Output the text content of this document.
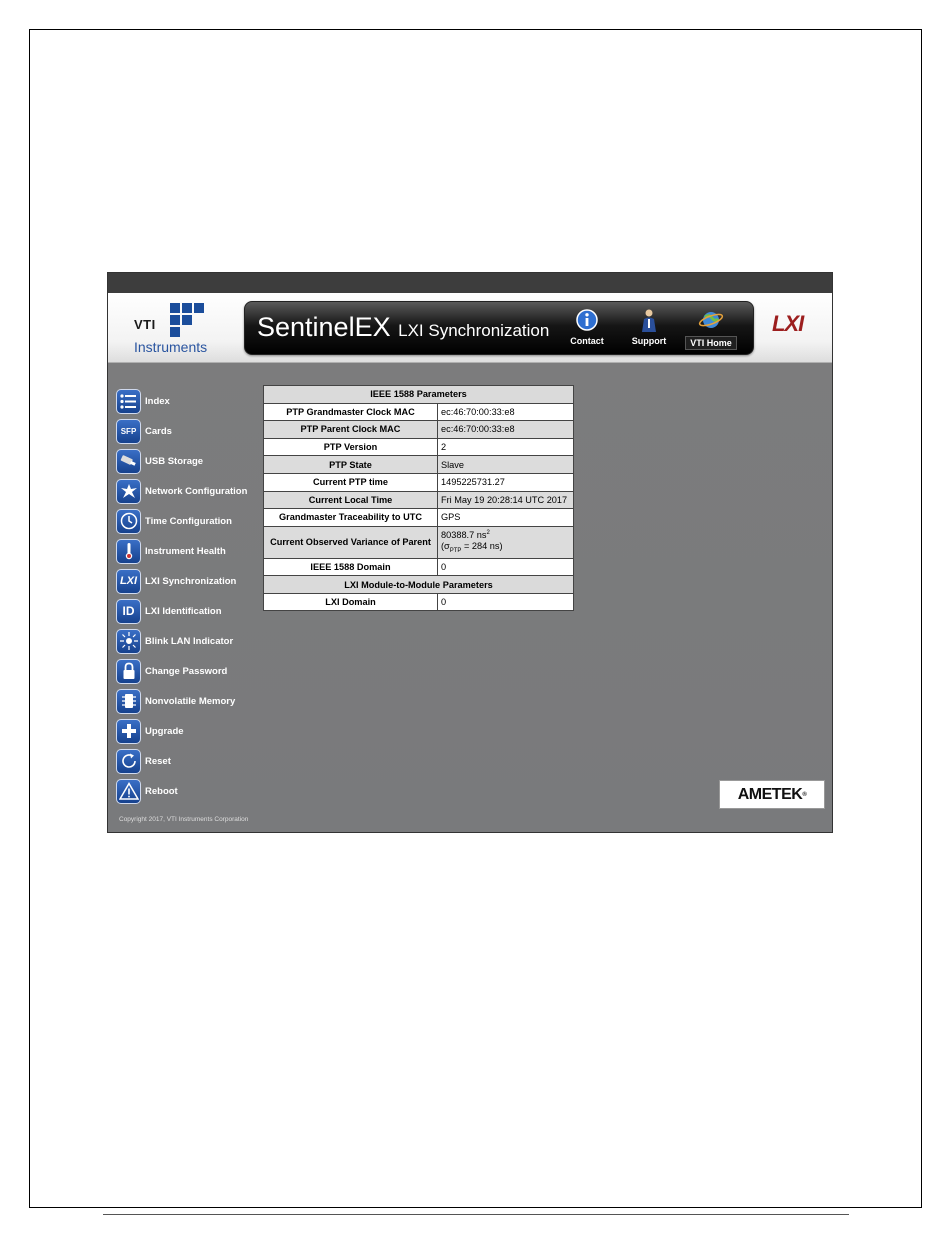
VTI
Instruments
SentinelEX LXI Synchronization
Contact	Support	VTI Home
LXI
Index
SFP Cards
USB Storage
Network Configuration
Time Configuration
Instrument Health
LXI LXI Synchronization
ID	LXI Identification
Blink LAN Indicator
Change Password
Nonvolatile Memory
Upgrade
Reset
Reboot
IEEE 1588 Parameters	
PTP Grandmaster Clock MAC	ec:46:70:00:33:e8
PTP Parent Clock MAC	ec:46:70:00:33:e8
PTP Version	2
PTP State	Slave
Current PTP time	1495225731.27
Current Local Time	Fri May 19 20:28:14 UTC 2017
Grandmaster Traceability to UTC	GPS
Current Observed Variance of Parent	80388.7 $ns^2$
($\sigma_{PTP} = 284$ ns)
IEEE 1588 Domain	0
LXI Module-to-Module Parameters	
LXI Domain	0
AMETEK ®
Copyright 2017, VTI Instruments Corporation
